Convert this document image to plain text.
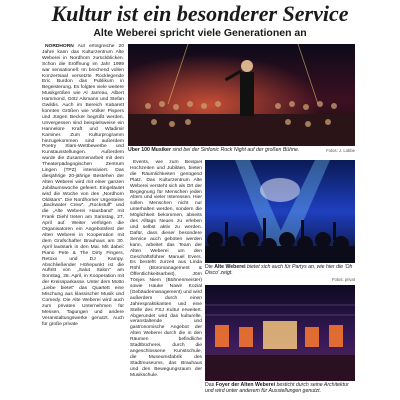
Kultur ist ein besonderer Service
Alte Weberei spricht viele Generationen an

NORDHORN Auf erfolgreiche 20 Jahre kann das Kulturzentrum Alte Weberei in Nordhorn zurückblicken. Schon die Eröffnung im Jahr 1999 war sensationell: Im brechend vollen Konzertsaal versetzte Rocklegende Eric Burdon das Publikum in Begeisterung. Es folgten viele weitere Musikgrößen wie Al Jarreau, Albert Hammond, Götz Alsmann und Stefan Gwildis. Auch im Bereich Kabarett konnten Größen wie Volker Pispers und Jürgen Becker begrüßt werden. Unvergessen sind beispielsweise ein Hannelore Kraft und Wladimir Kaminer. Zum Kulturprogramm hinzugekommen sind außerdem Poetry Slam-Wettbewerbe und Kunstausstellungen. Außerdem wurde die Zusammenarbeit mit dem Theaterpädagogischen Zentrum Lingen (TPZ) intensiviert. Das diesjährige 20-jährige Bestehen der Alten Weberei wird mit einer ganzen Jubiläumswoche gefeiert. Eingeläutet wird die Woche von den „Nordhorn Oldstars“. Die Nordhorner Urgesteine „Backwater Crew“, „Rockstuff“ und die „Alte Weberei Hausband“ mit Frank Diehl treten am Samstag, 27. April auf. Weiter verfolgen die Organisatoren ein Angebotsfest der Alten Weberei in Kooperation mit dem Grafschafter Brauhaus am 30. April lautstark in den Mai. Mit dabei: Piano Pete & The Dirty Fingers, Retoxx und DJ Kampy. Abschließender Höhepunkt ist die Auftritt von „Salut Salon“ am Sonntag, 28. April, in Kooperation mit der Kreissparkasse. Unter dem Motto „Liebe bietet“ das Quartett eine Mischung aus klassischer Musik und Comedy. Die Alte Weberei wird auch zum privaten Unternehmen für Messen, Tagungen und andere Veranstaltungswerke genutzt. Auch für große private

Über 100 Musiker sind bei der Sinfonic Rock Night auf der großen Bühne.	Fotos: J. Lübbe

Events, wie zum Beispiel Hochzeiten und Jubiläen, bieten die Räumlichkeiten genügend Platz. Das Kulturzentrum Alte Weberei versteht sich als Ort der Begegnung für Menschen jeden Alters und vieler Interessen. Hier sollen Menschen nicht nur unterhalten werden, sondern die Möglichkeit bekommen, abseits des Alltags Neues zu erleben und selbst aktiv zu werden. Dafür, dass dieser besondere Service auch geboten werden kann, arbeitet das Team der Alten Weberei um den Geschäftsführer Manuel Evers. Es besteht zurzeit aus Linda Röhl (Büromanagement & Öffentlichkeitsarbeit), Jörn Tönjes Niem (Bühnenmeister) sowie Hauke Nawir Kozial (Gebäudemanagement) und wird außerdem durch einen Jahrespraktikanten und eine Stelle des FSJ Kultur erweitert. Abgerundet wird das kulturelle, veranstaltende und gastronomische Angebot der Alten Weberei durch die in den Räumen befindliche Stadtbücherei, durch die angeschlossene Kunstschule, die Museumsfabrik des Stadtmuseums, das Brauhaus und den Bewegungsraum der Musikschule.

Die Alte Weberei bietet sich auch für Partys an, wie hier die 'Oh Disco' zeigt.
Fotos: privat
Das Foyer der Alten Weberei besticht durch seine Architektur und wird unter anderem für Ausstellungen genutzt.
